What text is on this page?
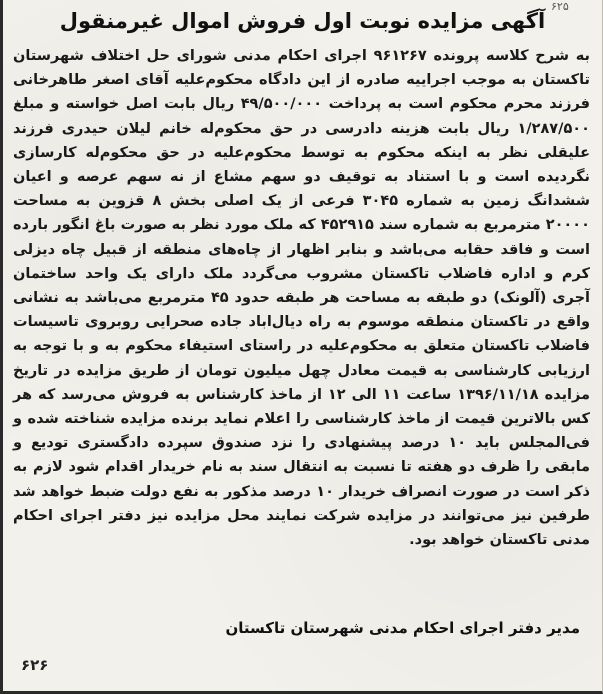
۶۲۵
آگهی مزایده نوبت اول فروش اموال غیرمنقول

به شرح کلاسه پرونده ۹۶۱۲۶۷ اجرای احکام مدنی شورای حل اختلاف شهرستان تاکستان به موجب اجراییه صادره از این دادگاه محکوم‌علیه آقای اصغر طاهرخانی فرزند محرم محکوم است به پرداخت ۴۹/۵۰۰/۰۰۰ ریال بابت اصل خواسته و مبلغ ۱/۲۸۷/۵۰۰ ریال بابت هزینه دادرسی در حق محکوم‌له خانم لیلان حیدری فرزند علیقلی نظر به اینکه محکوم به توسط محکوم‌علیه در حق محکوم‌له کارسازی نگردیده است و با استناد به توقیف دو سهم مشاع از نه سهم عرصه و اعیان ششدانگ زمین به شماره ۳۰۴۵ فرعی از یک اصلی بخش ۸ قزوین به مساحت ۲۰۰۰۰ مترمربع به شماره سند ۴۵۲۹۱۵ که ملک مورد نظر به صورت باغ انگور بارده است و فاقد حقابه می‌باشد و بنابر اظهار از چاه‌های منطقه از قبیل چاه دیزلی کرم و اداره فاضلاب تاکستان مشروب می‌گردد ملک دارای یک واحد ساختمان آجری (آلونک) دو طبقه به مساحت هر طبقه حدود ۴۵ مترمربع می‌باشد به نشانی واقع در تاکستان منطقه موسوم به راه دیال‌اباد جاده صحرایی روبروی تاسیسات فاضلاب تاکستان متعلق به محکوم‌علیه در راستای استیفاء محکوم به و با توجه به ارزیابی کارشناسی به قیمت معادل چهل میلیون تومان از طریق مزایده در تاریخ مزایده ۱۳۹۶/۱۱/۱۸ ساعت ۱۱ الی ۱۲ از ماخذ کارشناس به فروش می‌رسد که هر کس بالاترین قیمت از ماخذ کارشناسی را اعلام نماید برنده مزایده شناخته شده و فی‌المجلس باید ۱۰ درصد پیشنهادی را نزد صندوق سپرده دادگستری تودیع و مابقی را ظرف دو هفته تا نسبت به انتقال سند به نام خریدار اقدام شود لازم به ذکر است در صورت انصراف خریدار ۱۰ درصد مذکور به نفع دولت ضبط خواهد شد طرفین نیز می‌توانند در مزایده شرکت نمایند محل مزایده نیز دفتر اجرای احکام مدنی تاکستان خواهد بود.

مدیر دفتر اجرای احکام مدنی شهرستان تاکستان
۶۲۶
